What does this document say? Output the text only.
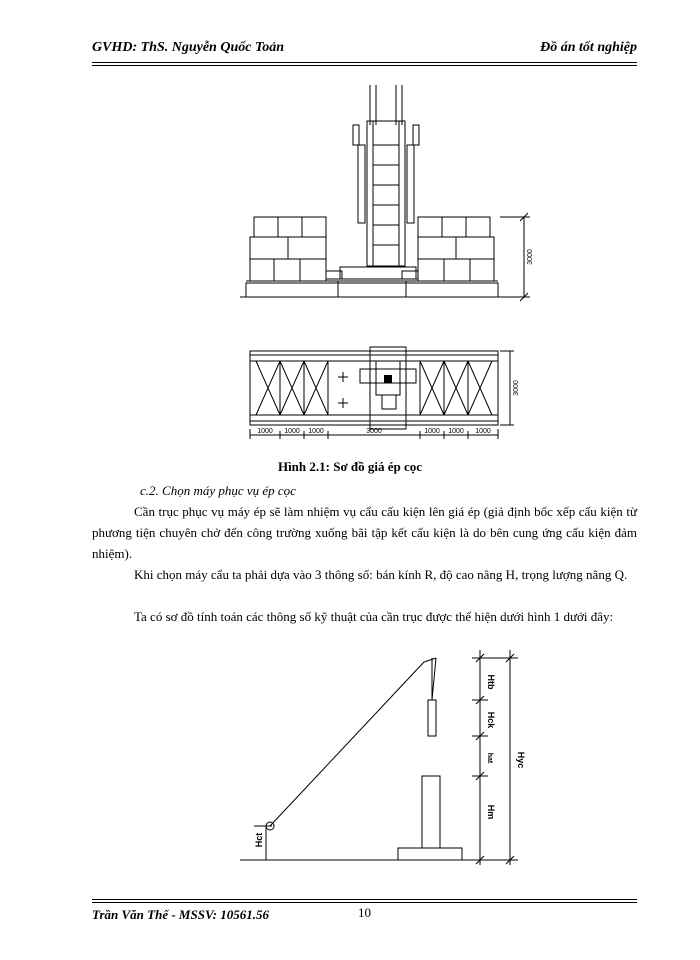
GVHD: ThS. Nguyễn Quốc Toản	Đồ án tốt nghiệp
3000
3000
1000 1000 1000	3000	1000 1000 1000
Hình 2.1: Sơ đồ giá ép cọc
c.2. Chọn máy phục vụ ép cọc
Cần trục phục vụ máy ép sẽ làm nhiệm vụ cẩu cấu kiện lên giá ép (giả định bốc xếp cấu kiện từ phương tiện chuyên chở đến công trường xuống bãi tập kết cấu kiện là do bên cung ứng cấu kiện đảm nhiệm).
Khi chọn máy cẩu ta phải dựa vào 3 thông số: bán kính R, độ cao nâng H, trọng lượng nâng Q.
Ta có sơ đồ tính toán các thông số kỹ thuật của cần trục được thể hiện dưới hình 1 dưới đây:
Htb
Hck
hat
Hm
Hyc
Hct
Trần Văn Thế - MSSV: 10561.56	10
